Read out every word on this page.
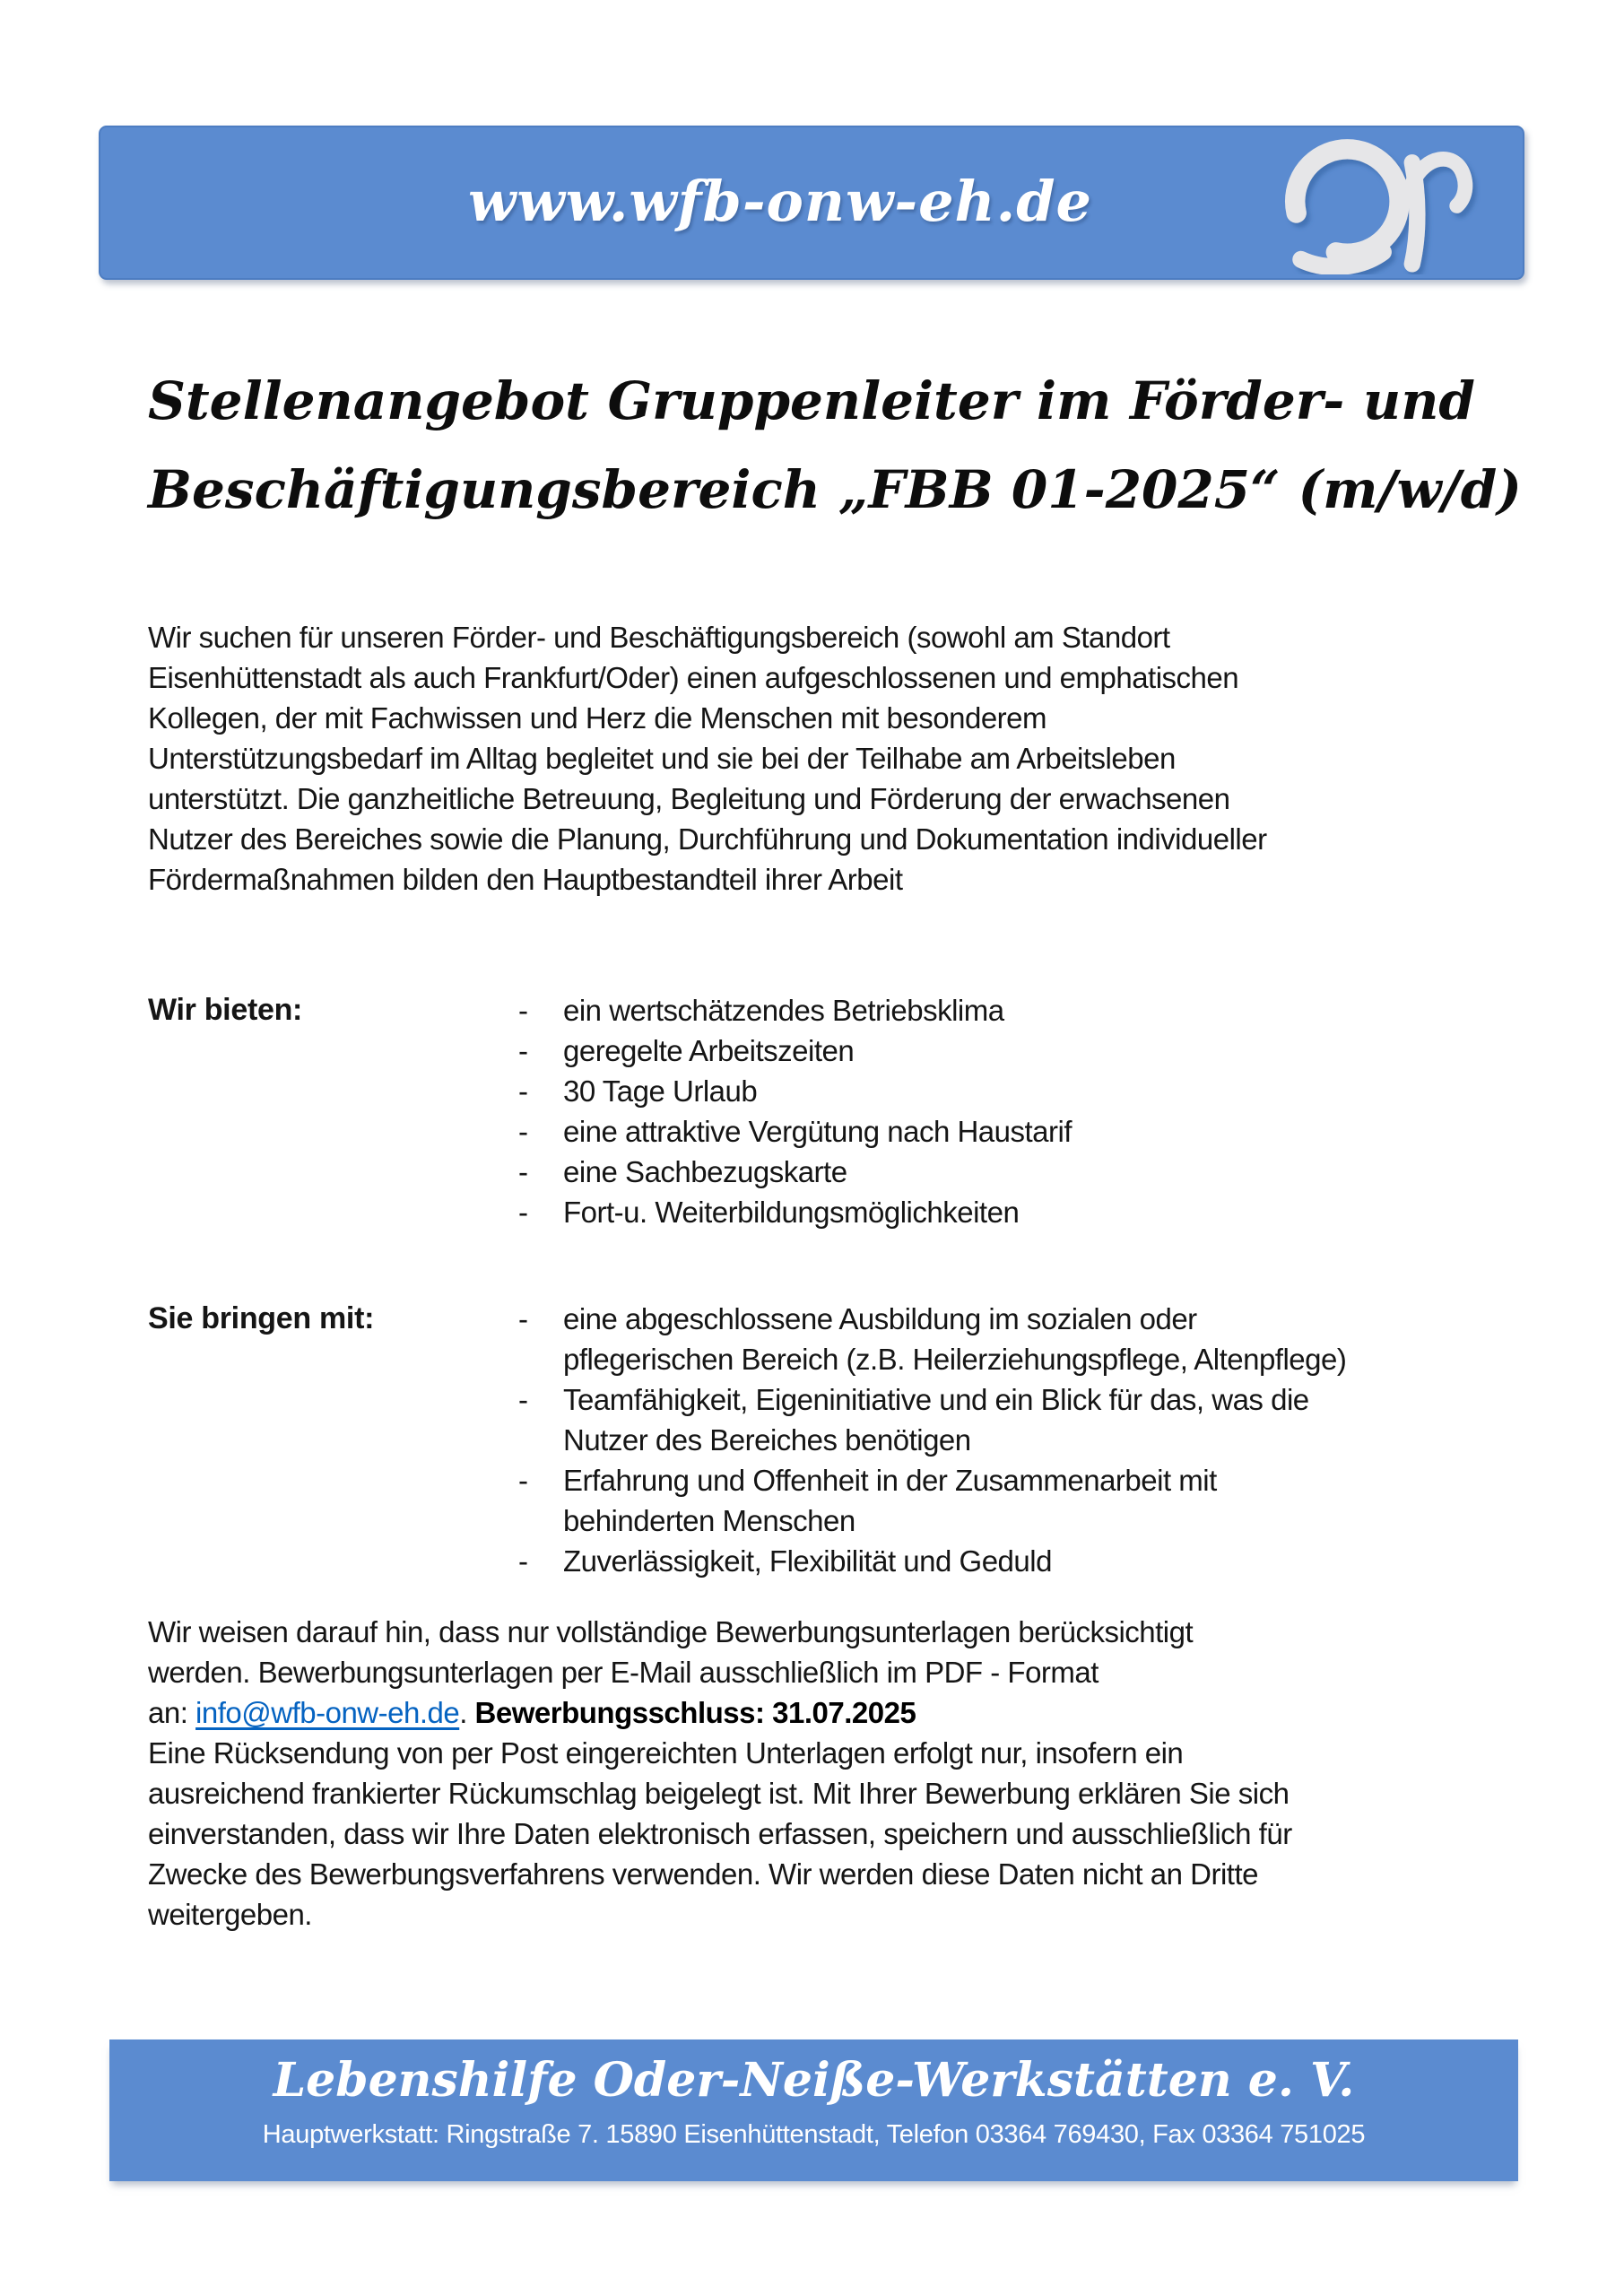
www.wfb-onw-eh.de
Stellenangebot Gruppenleiter im Förder- und
Beschäftigungsbereich „FBB 01-2025“ (m/w/d)
Wir suchen für unseren Förder- und Beschäftigungsbereich (sowohl am Standort
Eisenhüttenstadt als auch Frankfurt/Oder) einen aufgeschlossenen und emphatischen
Kollegen, der mit Fachwissen und Herz die Menschen mit besonderem
Unterstützungsbedarf im Alltag begleitet und sie bei der Teilhabe am Arbeitsleben
unterstützt. Die ganzheitliche Betreuung, Begleitung und Förderung der erwachsenen
Nutzer des Bereiches sowie die Planung, Durchführung und Dokumentation individueller
Fördermaßnahmen bilden den Hauptbestandteil ihrer Arbeit
Wir bieten:	-	ein wertschätzendes Betriebsklima
-	geregelte Arbeitszeiten
-	30 Tage Urlaub
-	eine attraktive Vergütung nach Haustarif
-	eine Sachbezugskarte
-	Fort-u. Weiterbildungsmöglichkeiten
Sie bringen mit:	-	eine abgeschlossene Ausbildung im sozialen oder
pflegerischen Bereich (z.B. Heilerziehungspflege, Altenpflege)
-	Teamfähigkeit, Eigeninitiative und ein Blick für das, was die
Nutzer des Bereiches benötigen
-	Erfahrung und Offenheit in der Zusammenarbeit mit
behinderten Menschen
-	Zuverlässigkeit, Flexibilität und Geduld
Wir weisen darauf hin, dass nur vollständige Bewerbungsunterlagen berücksichtigt
werden. Bewerbungsunterlagen per E-Mail ausschließlich im PDF - Format
an: info@wfb-onw-eh.de. Bewerbungsschluss: 31.07.2025
Eine Rücksendung von per Post eingereichten Unterlagen erfolgt nur, insofern ein
ausreichend frankierter Rückumschlag beigelegt ist. Mit Ihrer Bewerbung erklären Sie sich
einverstanden, dass wir Ihre Daten elektronisch erfassen, speichern und ausschließlich für
Zwecke des Bewerbungsverfahrens verwenden. Wir werden diese Daten nicht an Dritte
weitergeben.
Lebenshilfe Oder-Neiße-Werkstätten e. V.
Hauptwerkstatt: Ringstraße 7. 15890 Eisenhüttenstadt, Telefon 03364 769430, Fax 03364 751025
